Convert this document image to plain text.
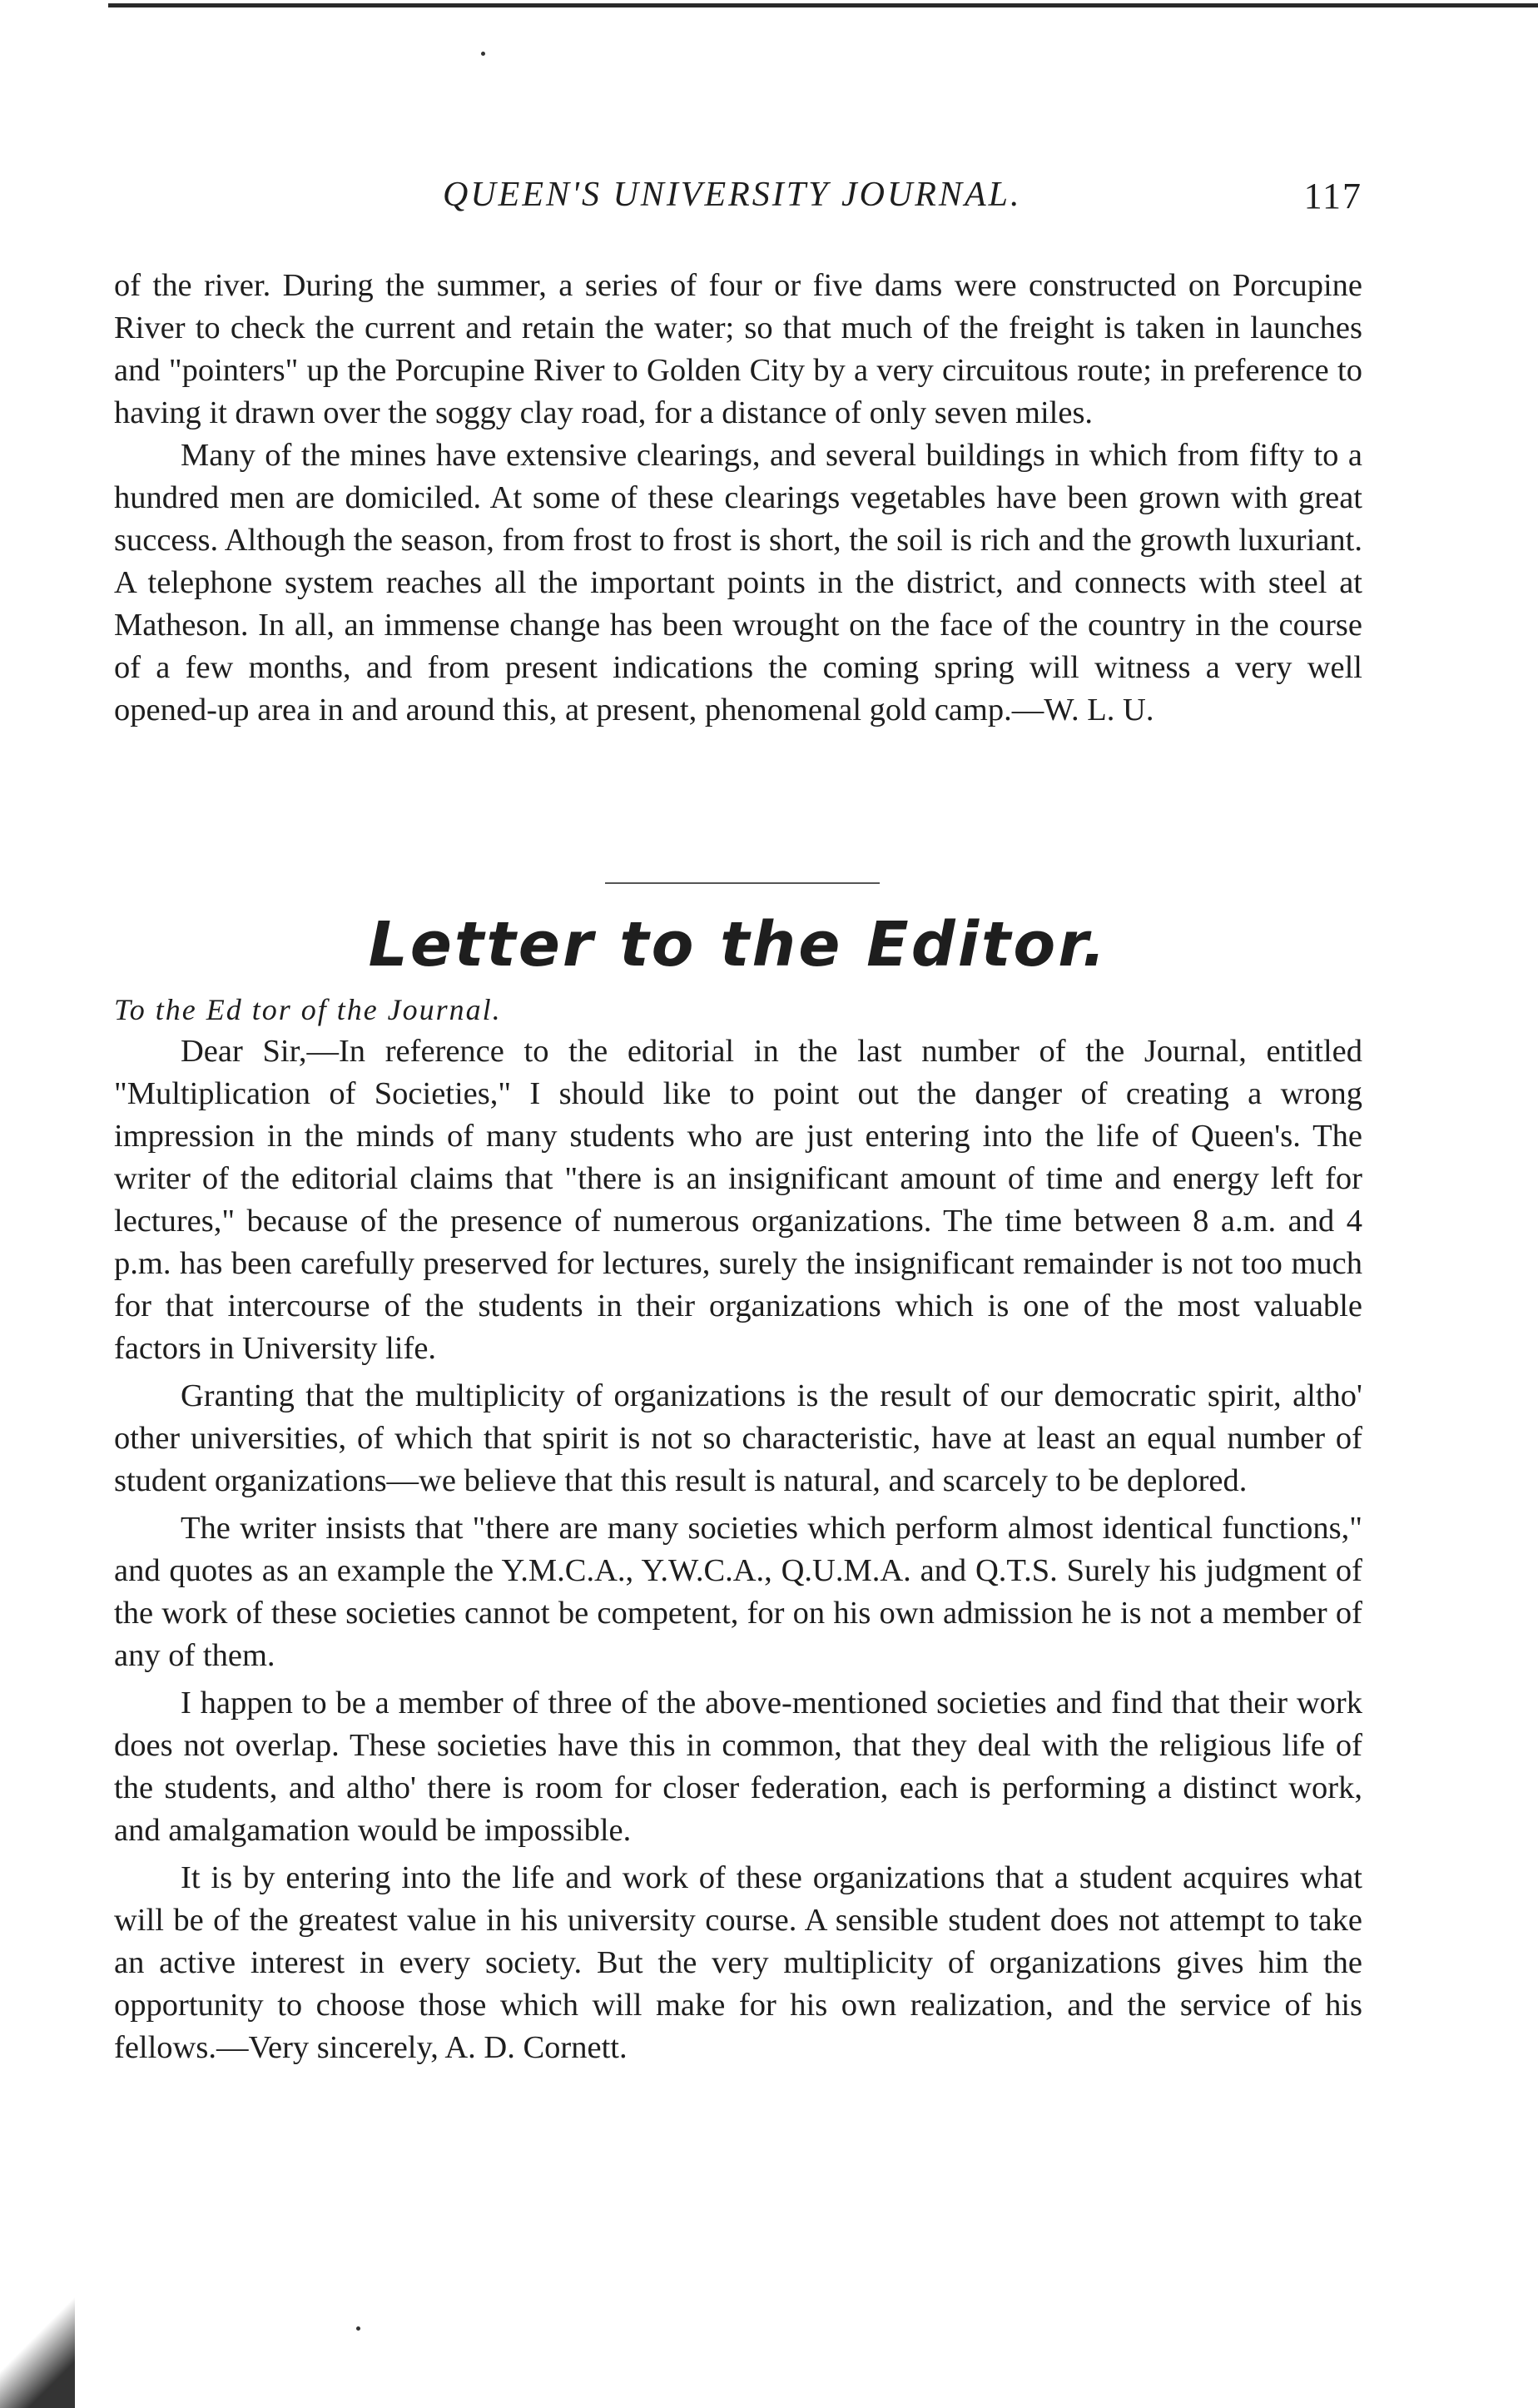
QUEEN'S UNIVERSITY JOURNAL.	117

of the river. During the summer, a series of four or five dams were constructed on Porcupine River to check the current and retain the water; so that much of the freight is taken in launches and "pointers" up the Porcupine River to Golden City by a very circuitous route; in preference to having it drawn over the soggy clay road, for a distance of only seven miles.

Many of the mines have extensive clearings, and several buildings in which from fifty to a hundred men are domiciled. At some of these clearings vegetables have been grown with great success. Although the season, from frost to frost is short, the soil is rich and the growth luxuriant. A telephone system reaches all the important points in the district, and connects with steel at Matheson. In all, an immense change has been wrought on the face of the country in the course of a few months, and from present indications the coming spring will witness a very well opened-up area in and around this, at present, phenomenal gold camp.—W. L. U.

Letter to the Editor.
To the Ed tor of the Journal.

Dear Sir,—In reference to the editorial in the last number of the Journal, entitled "Multiplication of Societies," I should like to point out the danger of creating a wrong impression in the minds of many students who are just entering into the life of Queen's. The writer of the editorial claims that "there is an insignificant amount of time and energy left for lectures," because of the presence of numerous organizations. The time between 8 a.m. and 4 p.m. has been carefully preserved for lectures, surely the insignificant remainder is not too much for that intercourse of the students in their organizations which is one of the most valuable factors in University life.

Granting that the multiplicity of organizations is the result of our democratic spirit, altho' other universities, of which that spirit is not so characteristic, have at least an equal number of student organizations—we believe that this result is natural, and scarcely to be deplored.

The writer insists that "there are many societies which perform almost identical functions," and quotes as an example the Y.M.C.A., Y.W.C.A., Q.U.M.A. and Q.T.S. Surely his judgment of the work of these societies cannot be competent, for on his own admission he is not a member of any of them.

I happen to be a member of three of the above-mentioned societies and find that their work does not overlap. These societies have this in common, that they deal with the religious life of the students, and altho' there is room for closer federation, each is performing a distinct work, and amalgamation would be impossible.

It is by entering into the life and work of these organizations that a student acquires what will be of the greatest value in his university course. A sensible student does not attempt to take an active interest in every society. But the very multiplicity of organizations gives him the opportunity to choose those which will make for his own realization, and the service of his fellows.—Very sincerely, A. D. Cornett.
